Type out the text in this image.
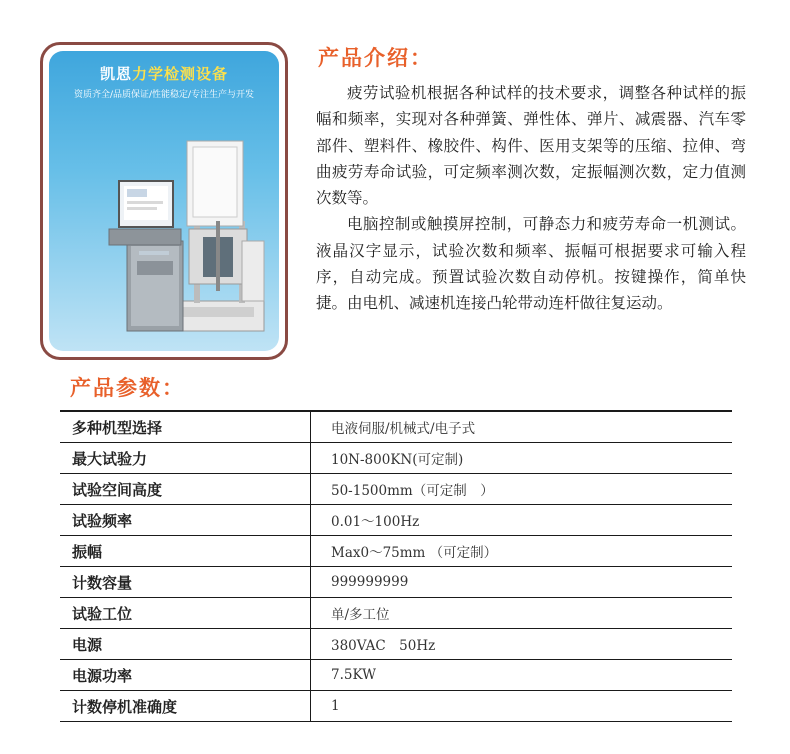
凯恩力学检测设备
资质齐全/品质保证/性能稳定/专注生产与开发
产品介绍：

疲劳试验机根据各种试样的技术要求，调整各种试样的振幅和频率，实现对各种弹簧、弹性体、弹片、减震器、汽车零部件、塑料件、橡胶件、构件、医用支架等的压缩、拉伸、弯曲疲劳寿命试验，可定频率测次数，定振幅测次数，定力值测次数等。

电脑控制或触摸屏控制，可静态力和疲劳寿命一机测试。液晶汉字显示，试验次数和频率、振幅可根据要求可输入程序，自动完成。预置试验次数自动停机。按键操作，简单快捷。由电机、减速机连接凸轮带动连杆做往复运动。

产品参数：
多种机型选择	电液伺服/机械式/电子式
最大试验力	10N-800KN(可定制)
试验空间高度	50-1500mm（可定制　）
试验频率	0.01～100Hz
振幅	Max0～75mm （可定制）
计数容量	999999999
试验工位	单/多工位
电源	380VAC　50Hz
电源功率	7.5KW
计数停机准确度	1
